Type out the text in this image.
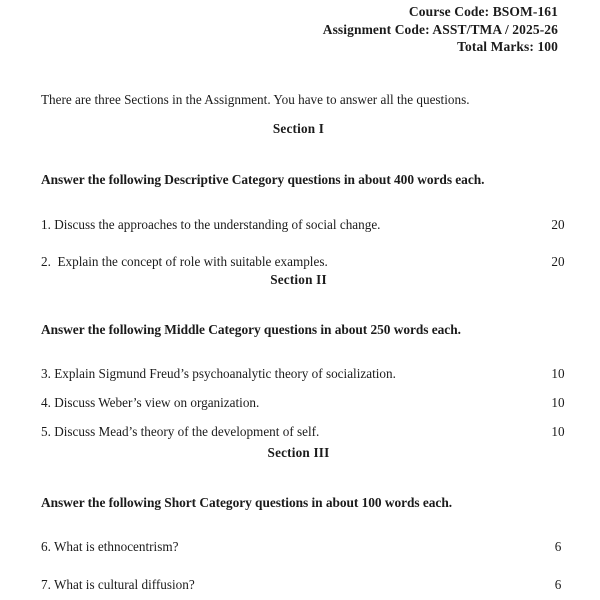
Course Code: BSOM-161
Assignment Code: ASST/TMA / 2025-26
Total Marks: 100

There are three Sections in the Assignment. You have to answer all the questions.

Section I
Answer the following Descriptive Category questions in about 400 words each.
1. Discuss the approaches to the understanding of social change.	20
2.  Explain the concept of role with suitable examples.	20
Section II
Answer the following Middle Category questions in about 250 words each.
3. Explain Sigmund Freud’s psychoanalytic theory of socialization.	10
4. Discuss Weber’s view on organization.	10
5. Discuss Mead’s theory of the development of self.	10
Section III
Answer the following Short Category questions in about 100 words each.
6. What is ethnocentrism?	6
7. What is cultural diffusion?	6
